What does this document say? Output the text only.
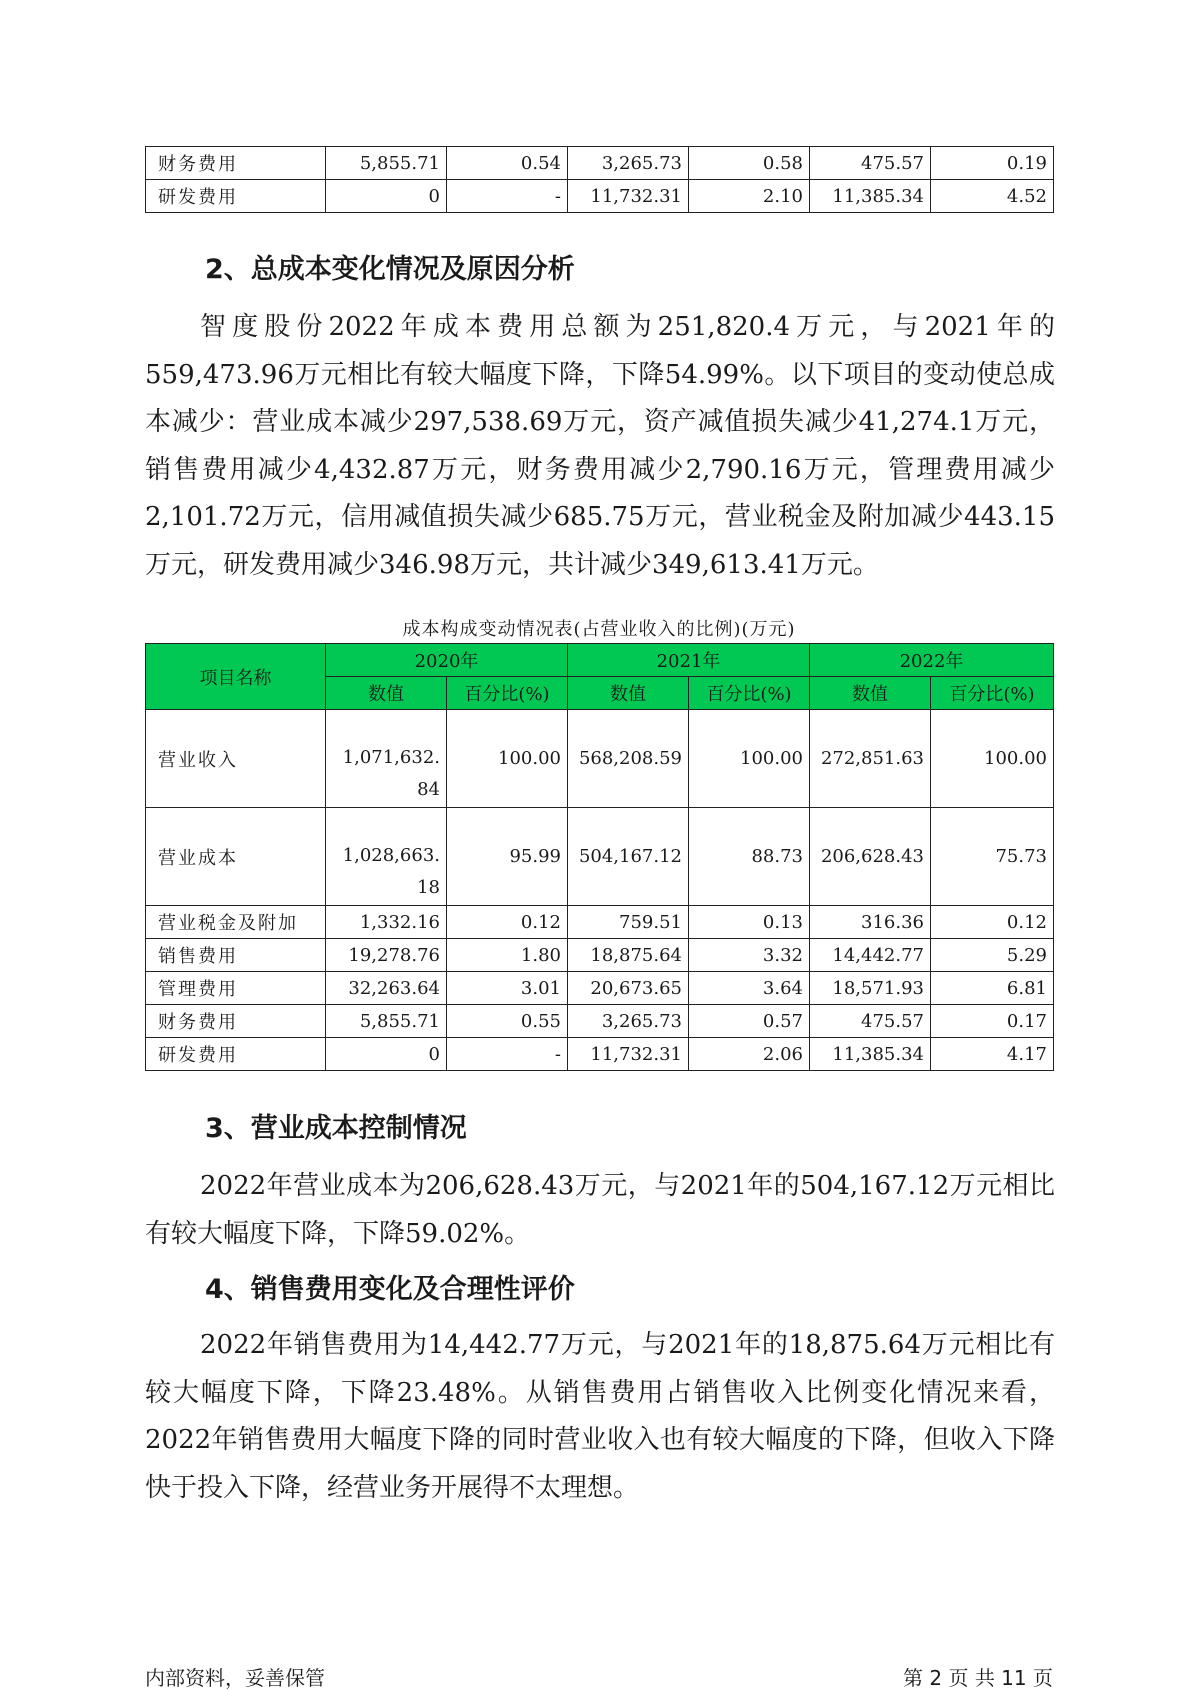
财务费用	5,855.71	0.54	3,265.73	0.58	475.57	0.19
研发费用	0	-	11,732.31	2.10	11,385.34	4.52
2、总成本变化情况及原因分析

智度股份2022年成本费用总额为251,820.4万元，与2021年的559,473.96万元相比有较大幅度下降，下降54.99%。以下项目的变动使总成本减少：营业成本减少297,538.69万元，资产减值损失减少41,274.1万元，销售费用减少4,432.87万元，财务费用减少2,790.16万元，管理费用减少2,101.72万元，信用减值损失减少685.75万元，营业税金及附加减少443.15万元，研发费用减少346.98万元，共计减少349,613.41万元。

成本构成变动情况表(占营业收入的比例)(万元)
项目名称	2020年		2021年		2022年	
	数值	百分比(%)	数值	百分比(%)	数值	百分比(%)
营业收入	1,071,632.84	100.00	568,208.59	100.00	272,851.63	100.00
营业成本	1,028,663.18	95.99	504,167.12	88.73	206,628.43	75.73
营业税金及附加	1,332.16	0.12	759.51	0.13	316.36	0.12
销售费用	19,278.76	1.80	18,875.64	3.32	14,442.77	5.29
管理费用	32,263.64	3.01	20,673.65	3.64	18,571.93	6.81
财务费用	5,855.71	0.55	3,265.73	0.57	475.57	0.17
研发费用	0	-	11,732.31	2.06	11,385.34	4.17
3、营业成本控制情况

2022年营业成本为206,628.43万元，与2021年的504,167.12万元相比有较大幅度下降，下降59.02%。

4、销售费用变化及合理性评价

2022年销售费用为14,442.77万元，与2021年的18,875.64万元相比有较大幅度下降，下降23.48%。从销售费用占销售收入比例变化情况来看，2022年销售费用大幅度下降的同时营业收入也有较大幅度的下降，但收入下降快于投入下降，经营业务开展得不太理想。

内部资料，妥善保管	第 2 页 共 11 页
